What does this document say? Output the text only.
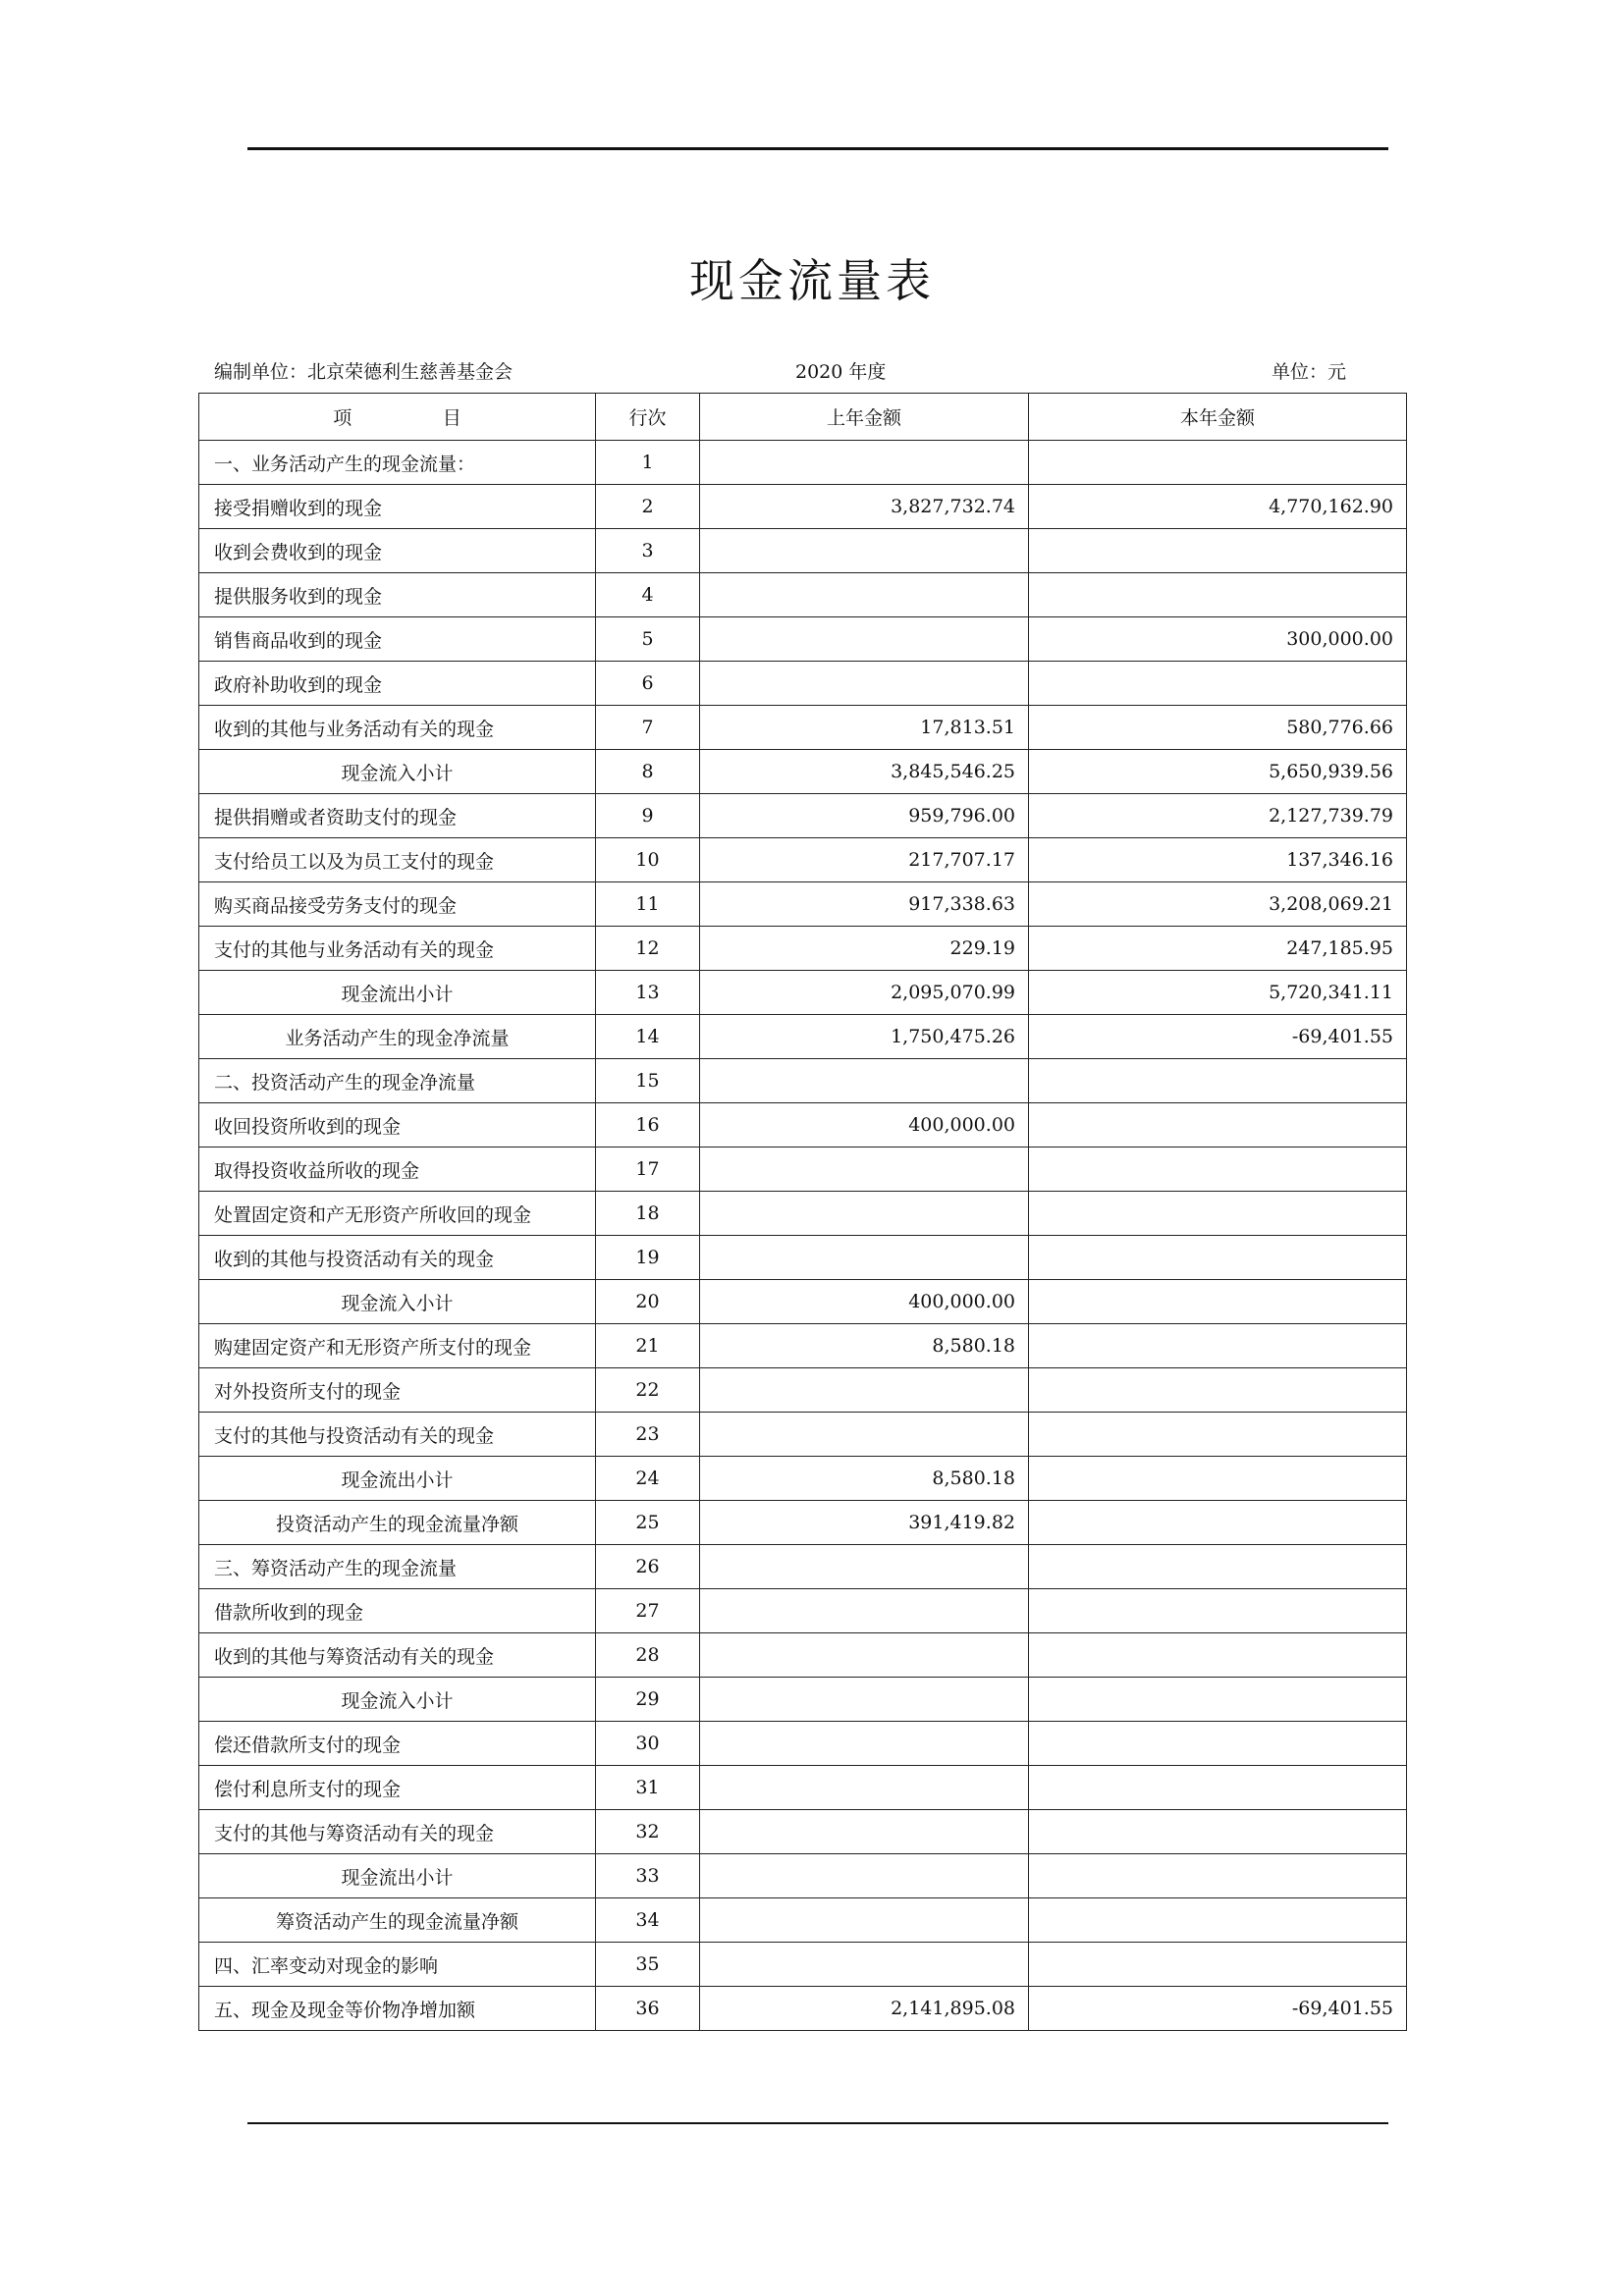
现金流量表
编制单位：北京荣德利生慈善基金会	2020 年度	单位：元
项 目	行次	上年金额	本年金额
一、业务活动产生的现金流量：	1		
接受捐赠收到的现金	2	3,827,732.74	4,770,162.90
收到会费收到的现金	3		
提供服务收到的现金	4		
销售商品收到的现金	5		300,000.00
政府补助收到的现金	6		
收到的其他与业务活动有关的现金	7	17,813.51	580,776.66
现金流入小计	8	3,845,546.25	5,650,939.56
提供捐赠或者资助支付的现金	9	959,796.00	2,127,739.79
支付给员工以及为员工支付的现金	10	217,707.17	137,346.16
购买商品接受劳务支付的现金	11	917,338.63	3,208,069.21
支付的其他与业务活动有关的现金	12	229.19	247,185.95
现金流出小计	13	2,095,070.99	5,720,341.11
业务活动产生的现金净流量	14	1,750,475.26	-69,401.55
二、投资活动产生的现金净流量	15		
收回投资所收到的现金	16	400,000.00	
取得投资收益所收的现金	17		
处置固定资和产无形资产所收回的现金	18		
收到的其他与投资活动有关的现金	19		
现金流入小计	20	400,000.00	
购建固定资产和无形资产所支付的现金	21	8,580.18	
对外投资所支付的现金	22		
支付的其他与投资活动有关的现金	23		
现金流出小计	24	8,580.18	
投资活动产生的现金流量净额	25	391,419.82	
三、筹资活动产生的现金流量	26		
借款所收到的现金	27		
收到的其他与筹资活动有关的现金	28		
现金流入小计	29		
偿还借款所支付的现金	30		
偿付利息所支付的现金	31		
支付的其他与筹资活动有关的现金	32		
现金流出小计	33		
筹资活动产生的现金流量净额	34		
四、汇率变动对现金的影响	35		
五、现金及现金等价物净增加额	36	2,141,895.08	-69,401.55
